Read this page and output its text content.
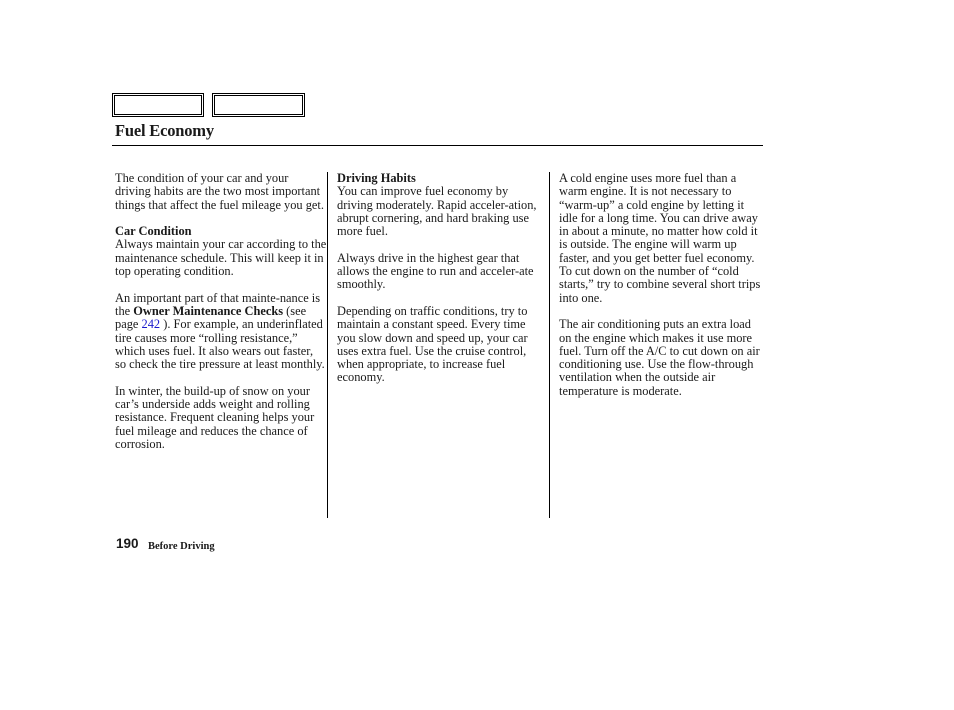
Fuel Economy

The condition of your car and your driving habits are the two most important things that affect the fuel mileage you get.

Car Condition
Always maintain your car according to the maintenance schedule. This will keep it in top operating condition.

An important part of that mainte-nance is the Owner Maintenance Checks (see page 242 ). For example, an underinflated tire causes more “rolling resistance,” which uses fuel. It also wears out faster, so check the tire pressure at least monthly.

In winter, the build-up of snow on your car’s underside adds weight and rolling resistance. Frequent cleaning helps your fuel mileage and reduces the chance of corrosion.

Driving Habits
You can improve fuel economy by driving moderately. Rapid acceler-ation, abrupt cornering, and hard braking use more fuel.

Always drive in the highest gear that allows the engine to run and acceler-ate smoothly.

Depending on traffic conditions, try to maintain a constant speed. Every time you slow down and speed up, your car uses extra fuel. Use the cruise control, when appropriate, to increase fuel economy.

A cold engine uses more fuel than a warm engine. It is not necessary to “warm-up” a cold engine by letting it idle for a long time. You can drive away in about a minute, no matter how cold it is outside. The engine will warm up faster, and you get better fuel economy. To cut down on the number of “cold starts,” try to combine several short trips into one.

The air conditioning puts an extra load on the engine which makes it use more fuel. Turn off the A/C to cut down on air conditioning use. Use the flow-through ventilation when the outside air temperature is moderate.

190 Before Driving
